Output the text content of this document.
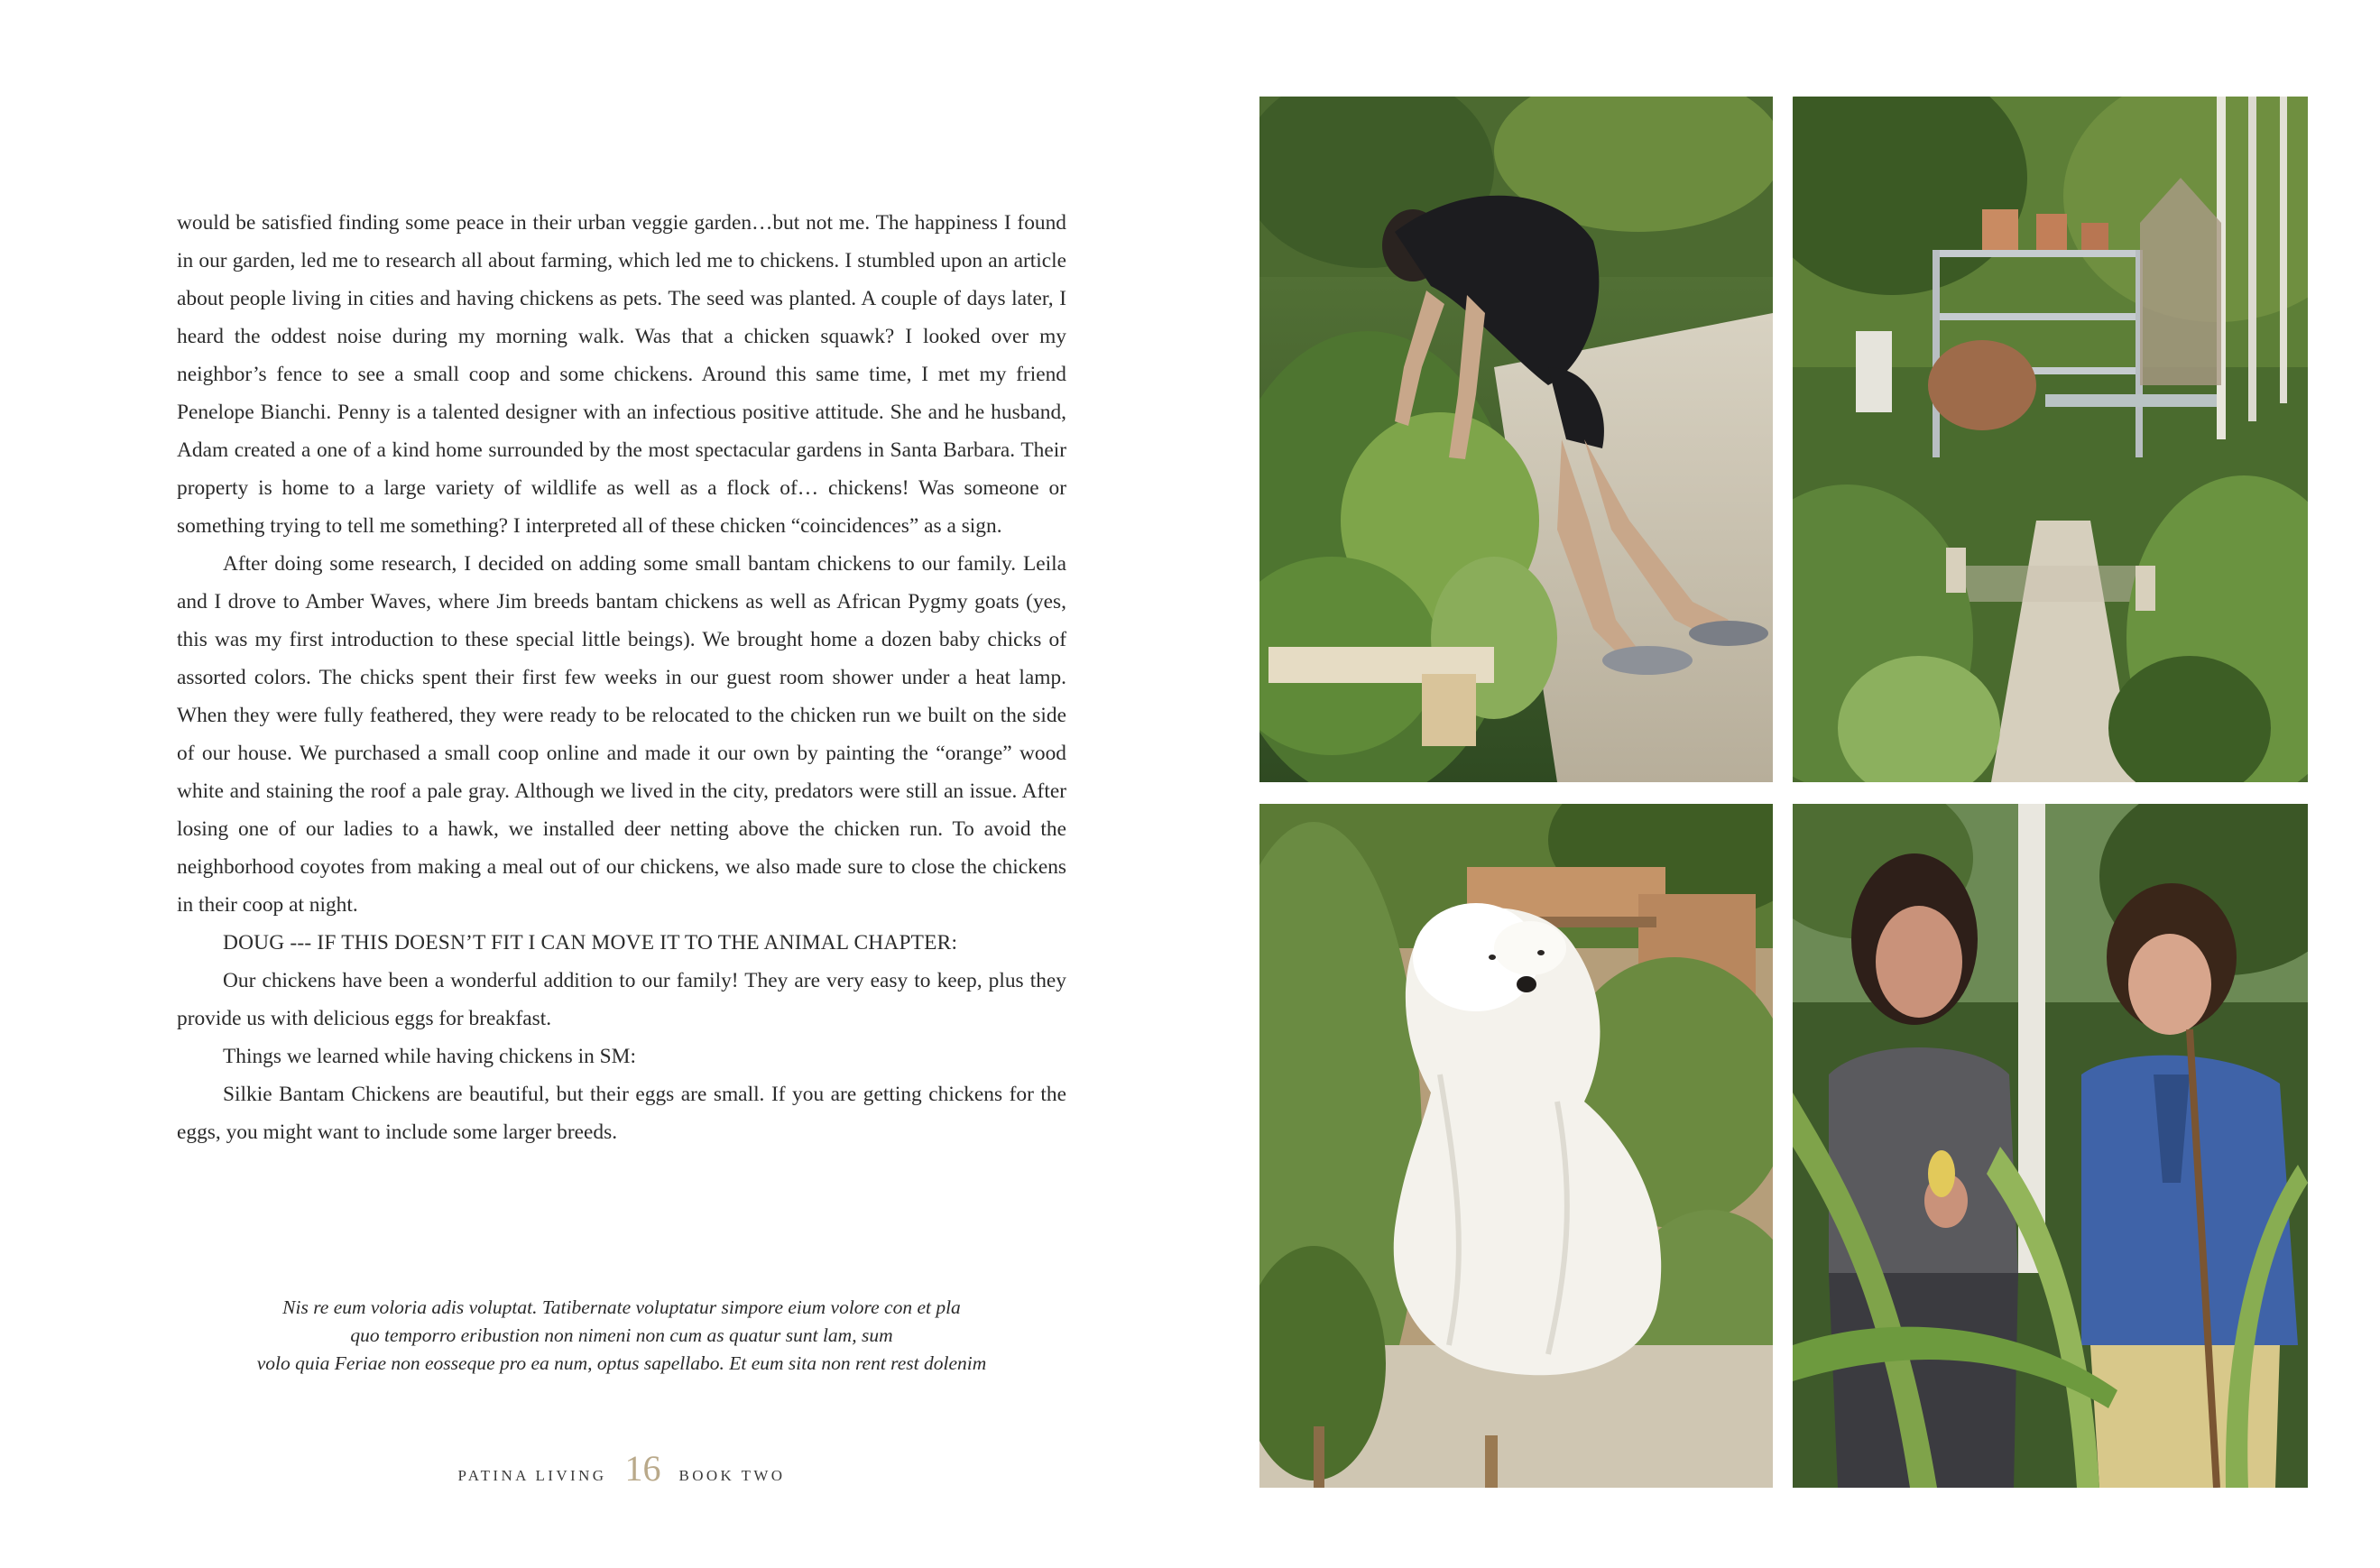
would be satisfied finding some peace in their urban veggie garden…but not me. The happiness I found in our garden, led me to research all about farming, which led me to chickens. I stumbled upon an article about people living in cities and having chickens as pets. The seed was planted. A couple of days later, I heard the oddest noise during my morning walk. Was that a chicken squawk? I looked over my neighbor’s fence to see a small coop and some chickens. Around this same time, I met my friend Penelope Bianchi. Penny is a talented designer with an infectious positive attitude. She and he husband, Adam created a one of a kind home surrounded by the most spectacular gardens in Santa Barbara. Their property is home to a large variety of wildlife as well as a flock of… chickens! Was someone or something trying to tell me something? I interpreted all of these chicken “coincidences” as a sign.

After doing some research, I decided on adding some small bantam chickens to our family. Leila and I drove to Amber Waves, where Jim breeds bantam chickens as well as African Pygmy goats (yes, this was my first introduction to these special little beings). We brought home a dozen baby chicks of assorted colors. The chicks spent their first few weeks in our guest room shower under a heat lamp. When they were fully feathered, they were ready to be relocated to the chicken run we built on the side of our house. We purchased a small coop online and made it our own by painting the “orange” wood white and staining the roof a pale gray. Although we lived in the city, predators were still an issue. After losing one of our ladies to a hawk, we installed deer netting above the chicken run. To avoid the neighborhood coyotes from making a meal out of our chickens, we also made sure to close the chickens in their coop at night.

DOUG --- IF THIS DOESN’T FIT I CAN MOVE IT TO THE ANIMAL CHAPTER:

Our chickens have been a wonderful addition to our family! They are very easy to keep, plus they provide us with delicious eggs for breakfast.

Things we learned while having chickens in SM:

Silkie Bantam Chickens are beautiful, but their eggs are small. If you are getting chickens for the eggs, you might want to include some larger breeds.

Nis re eum voloria adis voluptat. Tatibernate voluptatur simpore eium volore con et pla
quo temporro eribustion non nimeni non cum as quatur sunt lam, sum
volo quia Feriae non eosseque pro ea num, optus sapellabo. Et eum sita non rent rest dolenim
PATINA LIVING 16 BOOK TWO
